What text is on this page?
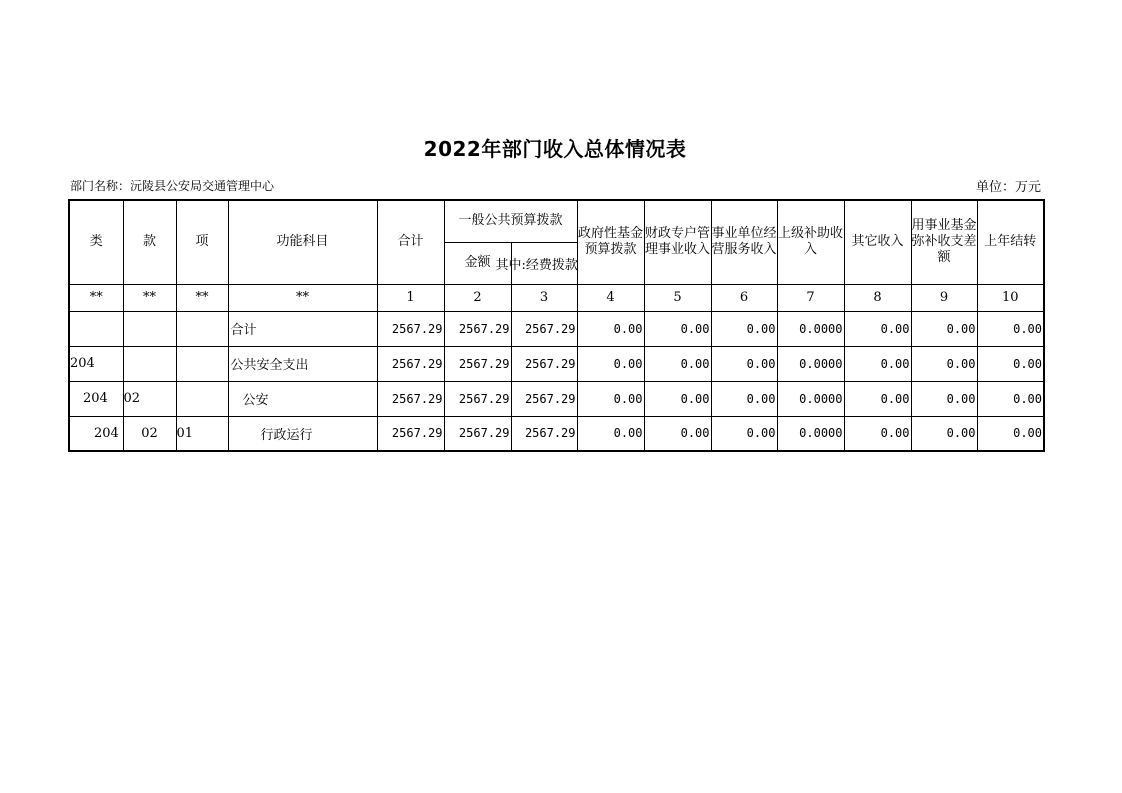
2022年部门收入总体情况表
部门名称：沅陵县公安局交通管理中心	单位：万元
类	款	项	功能科目	合计	一般公共预算拨款		政府性基金预算拨款	财政专户管理事业收入	事业单位经营服务收入	上级补助收入	其它收入	用事业基金弥补收支差额	上年结转
					金额	其中:经费拨款							
**	**	**	**	1	2	3	4	5	6	7	8	9	10
			合计	2567.29	2567.29	2567.29	0.00	0.00	0.00	0.0000	0.00	0.00	0.00
204			公共安全支出	2567.29	2567.29	2567.29	0.00	0.00	0.00	0.0000	0.00	0.00	0.00
204	02		公安	2567.29	2567.29	2567.29	0.00	0.00	0.00	0.0000	0.00	0.00	0.00
204	02	01	行政运行	2567.29	2567.29	2567.29	0.00	0.00	0.00	0.0000	0.00	0.00	0.00
